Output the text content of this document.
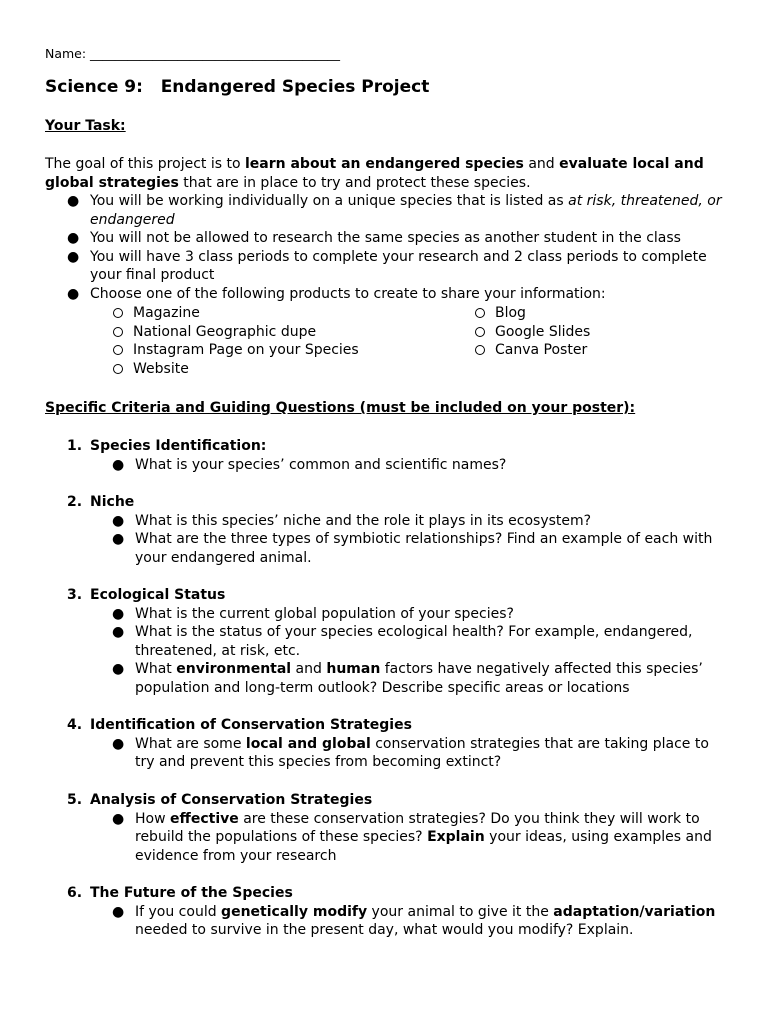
Name: ________________________________________
Science 9:   Endangered Species Project
Your Task:
The goal of this project is to learn about an endangered species and evaluate local and global strategies that are in place to try and protect these species.
● You will be working individually on a unique species that is listed as at risk, threatened, or endangered
● You will not be allowed to research the same species as another student in the class
● You will have 3 class periods to complete your research and 2 class periods to complete your final product
● Choose one of the following products to create to share your information:
Magazine
National Geographic dupe
Instagram Page on your Species
Website
Blog
Google Slides
Canva Poster
Specific Criteria and Guiding Questions (must be included on your poster):
1. Species Identification:
● What is your species’ common and scientific names?
2. Niche
● What is this species’ niche and the role it plays in its ecosystem?
● What are the three types of symbiotic relationships? Find an example of each with your endangered animal.
3. Ecological Status
● What is the current global population of your species?
● What is the status of your species ecological health? For example, endangered, threatened, at risk, etc.
● What environmental and human factors have negatively affected this species’ population and long-term outlook? Describe specific areas or locations
4. Identification of Conservation Strategies
● What are some local and global conservation strategies that are taking place to try and prevent this species from becoming extinct?
5. Analysis of Conservation Strategies
● How effective are these conservation strategies? Do you think they will work to rebuild the populations of these species? Explain your ideas, using examples and evidence from your research
6. The Future of the Species
● If you could genetically modify your animal to give it the adaptation/variation needed to survive in the present day, what would you modify? Explain.
